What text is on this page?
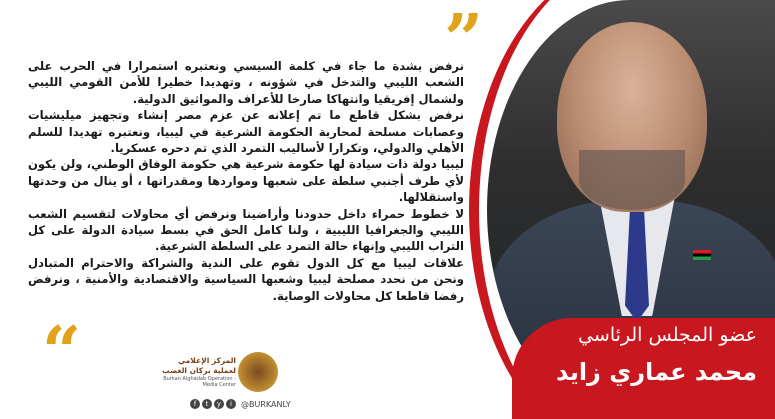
عضو المجلس الرئاسي
محمد عماري زايد
”
“

نرفض بشدة ما جاء في كلمة السيسي ونعتبره استمرارا في الحرب على الشعب الليبي والتدخل في شؤونه ، وتهديدا خطيرا للأمن القومي الليبي ولشمال إفريقيا وانتهاكا صارخا للأعراف والمواثيق الدولية.

نرفض بشكل قاطع ما تم إعلانه عن عزم مصر إنشاء وتجهيز ميليشيات وعصابات مسلحة لمحاربة الحكومة الشرعية في ليبيا، ونعتبره تهديدا للسلم الأهلي والدولي، وتكرارا لأساليب التمرد الذي تم دحره عسكريا.

ليبيا دولة ذات سيادة لها حكومة شرعية هي حكومة الوفاق الوطني، ولن يكون لأي طرف أجنبي سلطة على شعبها ومواردها ومقدراتها ، أو ينال من وحدتها واستقلالها.

لا خطوط حمراء داخل حدودنا وأراضينا ونرفض أي محاولات لتقسيم الشعب الليبي والجغرافيا الليبية ، ولنا كامل الحق في بسط سيادة الدولة على كل التراب الليبي وإنهاء حالة التمرد على السلطة الشرعية.

علاقات ليبيا مع كل الدول تقوم على الندية والشراكة والاحترام المتبادل ونحن من نحدد مصلحة ليبيا وشعبها السياسية والاقتصادية والأمنية ، ونرفض رفضا قاطعا كل محاولات الوصاية.

المركز الإعلامي لعملية بركان الغضب
Burkan Alghadab Operation - Media Center
f	t	y	i	@BURKANLY
